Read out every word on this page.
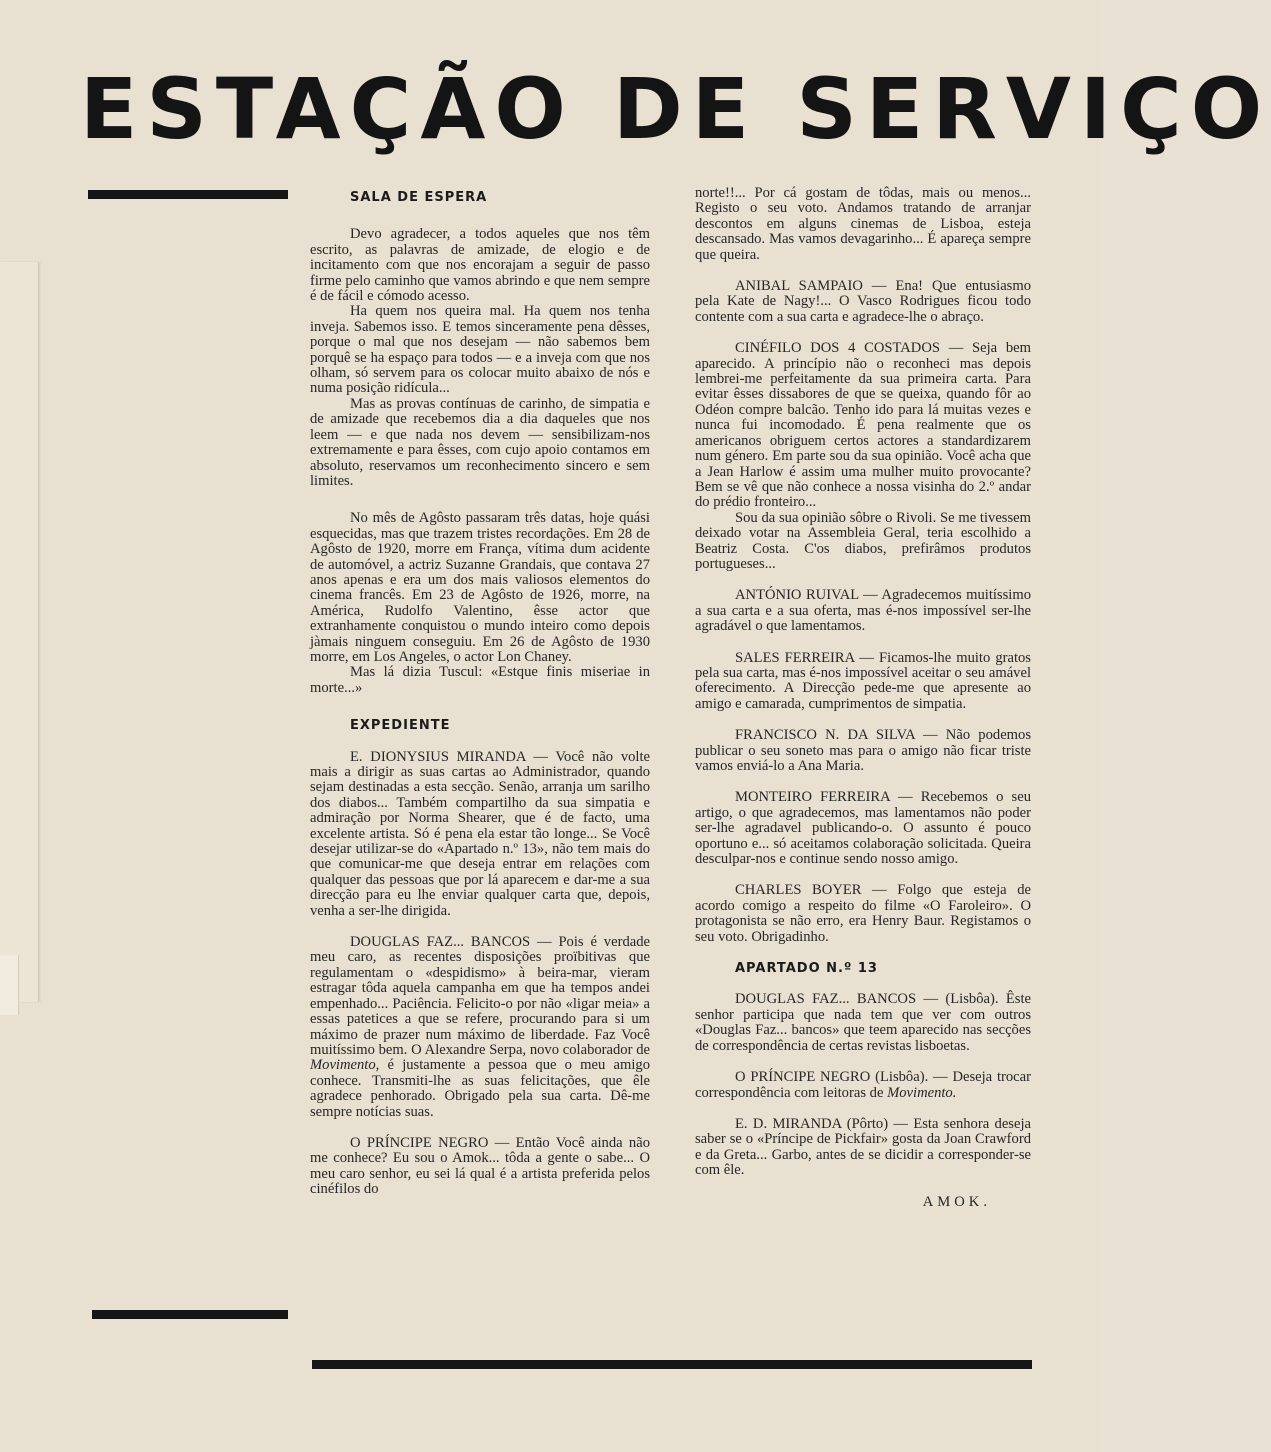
ESTAÇÃO DE SERVIÇO

SALA DE ESPERA

Devo agradecer, a todos aqueles que nos têm escrito, as palavras de amizade, de elogio e de incitamento com que nos encorajam a seguir de passo firme pelo caminho que vamos abrindo e que nem sempre é de fácil e cómodo acesso.

Ha quem nos queira mal. Ha quem nos tenha inveja. Sabemos isso. E temos sinceramente pena dêsses, porque o mal que nos desejam — não sabemos bem porquê se ha espaço para todos — e a inveja com que nos olham, só servem para os colocar muito abaixo de nós e numa posição ridícula...

Mas as provas contínuas de carinho, de simpatia e de amizade que recebemos dia a dia daqueles que nos leem — e que nada nos devem — sensibilizam-nos extremamente e para êsses, com cujo apoio contamos em absoluto, reservamos um reconhecimento sincero e sem limites.

No mês de Agôsto passaram três datas, hoje quási esquecidas, mas que trazem tristes recordações. Em 28 de Agôsto de 1920, morre em França, vítima dum acidente de automóvel, a actriz Suzanne Grandais, que contava 27 anos apenas e era um dos mais valiosos elementos do cinema francês. Em 23 de Agôsto de 1926, morre, na América, Rudolfo Valentino, êsse actor que extranhamente conquistou o mundo inteiro como depois jàmais ninguem conseguiu. Em 26 de Agôsto de 1930 morre, em Los Angeles, o actor Lon Chaney.

Mas lá dizia Tuscul: «Estque finis miseriae in morte...»

EXPEDIENTE

E. DIONYSIUS MIRANDA — Você não volte mais a dirigir as suas cartas ao Administrador, quando sejam destinadas a esta secção. Senão, arranja um sarilho dos diabos... Também compartilho da sua simpatia e admiração por Norma Shearer, que é de facto, uma excelente artista. Só é pena ela estar tão longe... Se Você desejar utilizar-se do «Apartado n.º 13», não tem mais do que comunicar-me que deseja entrar em relações com qualquer das pessoas que por lá aparecem e dar-me a sua direcção para eu lhe enviar qualquer carta que, depois, venha a ser-lhe dirigida.

DOUGLAS FAZ... BANCOS — Pois é verdade meu caro, as recentes disposições proïbitivas que regulamentam o «despidismo» à beira-mar, vieram estragar tôda aquela campanha em que ha tempos andei empenhado... Paciência. Felicito-o por não «ligar meia» a essas patetices a que se refere, procurando para si um máximo de prazer num máximo de liberdade. Faz Você muitíssimo bem. O Alexandre Serpa, novo colaborador de Movimento, é justamente a pessoa que o meu amigo conhece. Transmiti-lhe as suas felicitações, que êle agradece penhorado. Obrigado pela sua carta. Dê-me sempre notícias suas.

O PRÍNCIPE NEGRO — Então Você ainda não me conhece? Eu sou o Amok... tôda a gente o sabe... O meu caro senhor, eu sei lá qual é a artista preferida pelos cinéfilos do

norte!!... Por cá gostam de tôdas, mais ou menos... Registo o seu voto. Andamos tratando de arranjar descontos em alguns cinemas de Lisboa, esteja descansado. Mas vamos devagarinho... É apareça sempre que queira.

ANIBAL SAMPAIO — Ena! Que entusiasmo pela Kate de Nagy!... O Vasco Rodrigues ficou todo contente com a sua carta e agradece-lhe o abraço.

CINÉFILO DOS 4 COSTADOS — Seja bem aparecido. A princípio não o reconheci mas depois lembrei-me perfeitamente da sua primeira carta. Para evitar êsses dissabores de que se queixa, quando fôr ao Odéon compre balcão. Tenho ido para lá muitas vezes e nunca fui incomodado. É pena realmente que os americanos obriguem certos actores a standardizarem num género. Em parte sou da sua opinião. Você acha que a Jean Harlow é assim uma mulher muito provocante? Bem se vê que não conhece a nossa visinha do 2.º andar do prédio fronteiro...

Sou da sua opinião sôbre o Rivoli. Se me tivessem deixado votar na Assembleia Geral, teria escolhido a Beatriz Costa. C'os diabos, prefirâmos produtos portugueses...

ANTÓNIO RUIVAL — Agradecemos muitíssimo a sua carta e a sua oferta, mas é-nos impossível ser-lhe agradável o que lamentamos.

SALES FERREIRA — Ficamos-lhe muito gratos pela sua carta, mas é-nos impossível aceitar o seu amável oferecimento. A Direcção pede-me que apresente ao amigo e camarada, cumprimentos de simpatia.

FRANCISCO N. DA SILVA — Não podemos publicar o seu soneto mas para o amigo não ficar triste vamos enviá-lo a Ana Maria.

MONTEIRO FERREIRA — Recebemos o seu artigo, o que agradecemos, mas lamentamos não poder ser-lhe agradavel publicando-o. O assunto é pouco oportuno e... só aceitamos colaboração solicitada. Queira desculpar-nos e continue sendo nosso amigo.

CHARLES BOYER — Folgo que esteja de acordo comigo a respeito do filme «O Faroleiro». O protagonista se não erro, era Henry Baur. Registamos o seu voto. Obrigadinho.

APARTADO N.º 13

DOUGLAS FAZ... BANCOS — (Lisbôa). Êste senhor participa que nada tem que ver com outros «Douglas Faz... bancos» que teem aparecido nas secções de correspondência de certas revistas lisboetas.

O PRÍNCIPE NEGRO (Lisbôa). — Deseja trocar correspondência com leitoras de Movimento.

E. D. MIRANDA (Pôrto) — Esta senhora deseja saber se o «Príncipe de Pickfair» gosta da Joan Crawford e da Greta... Garbo, antes de se dicidir a corresponder-se com êle.

AMOK.
